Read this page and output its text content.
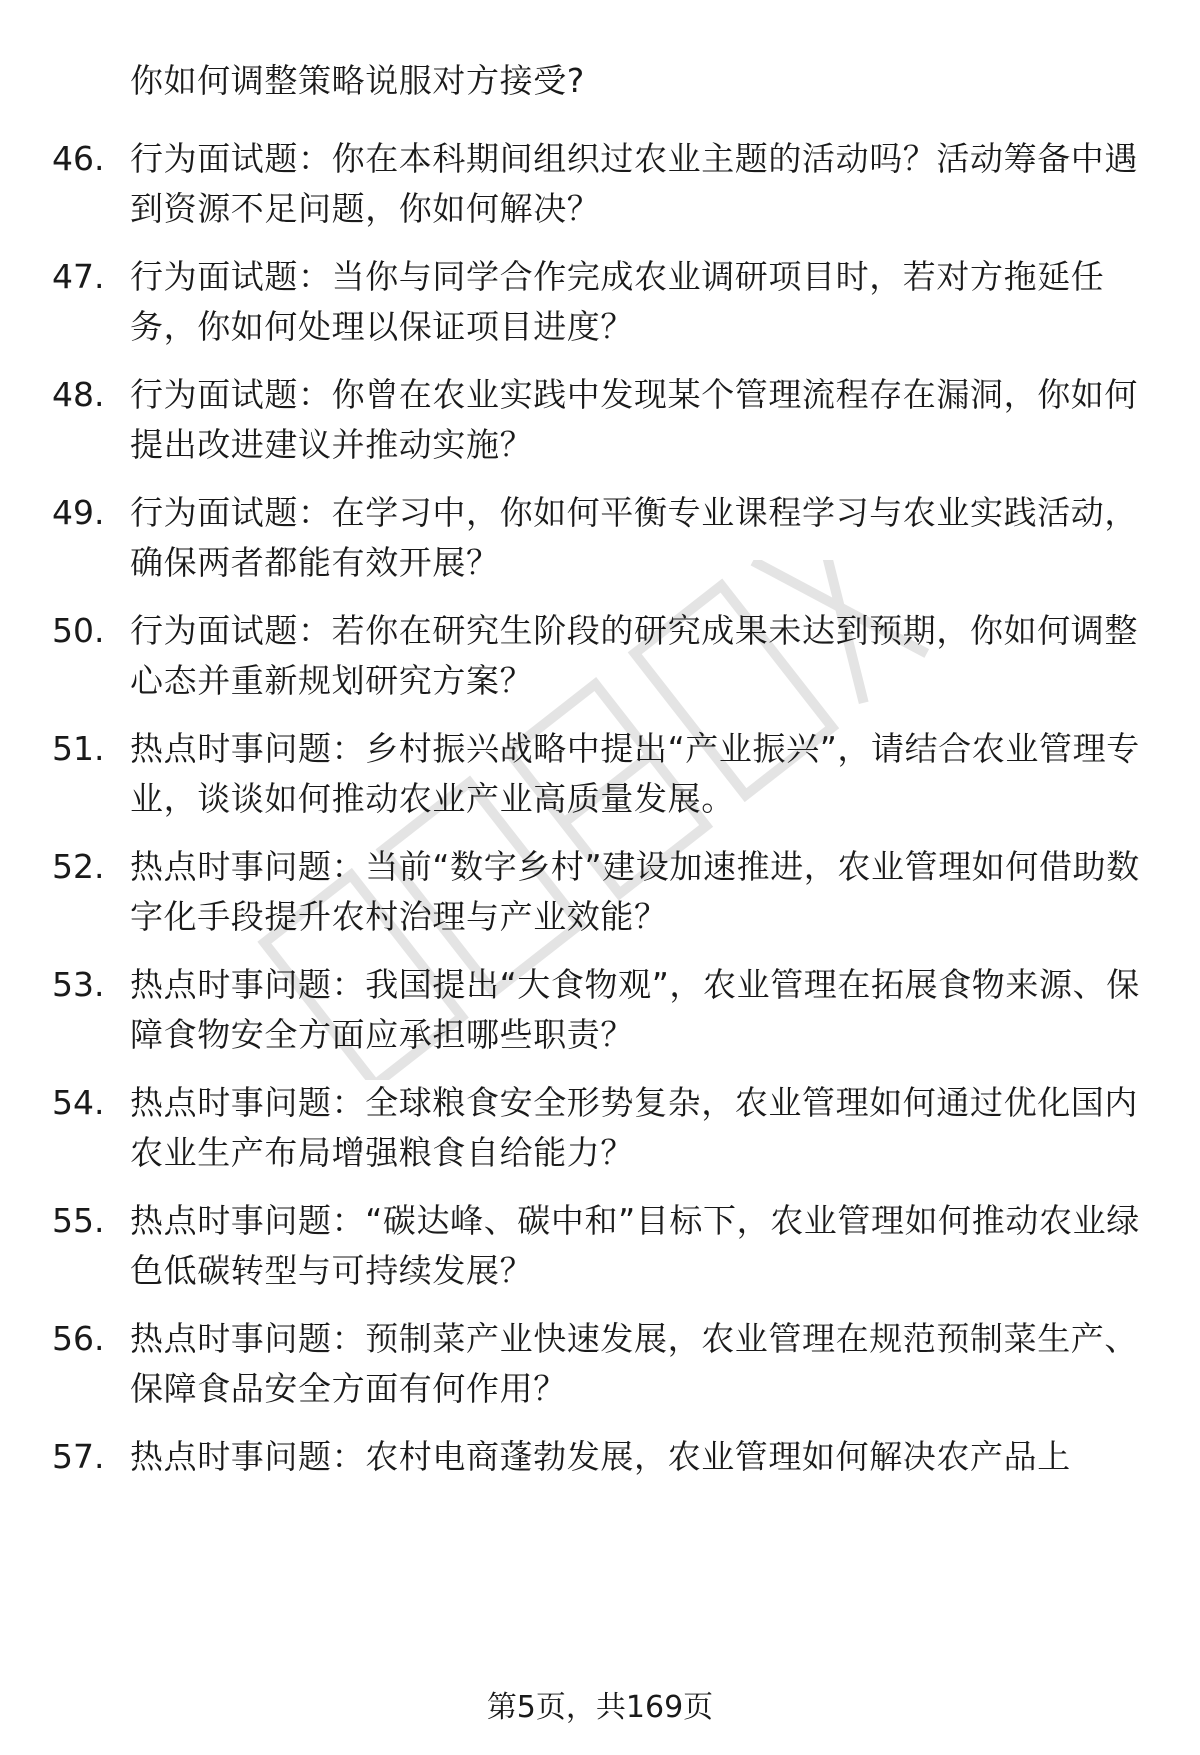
你如何调整策略说服对方接受?
46. 行为面试题：你在本科期间组织过农业主题的活动吗？活动筹备中遇到资源不足问题，你如何解决？
47. 行为面试题：当你与同学合作完成农业调研项目时，若对方拖延任务，你如何处理以保证项目进度？
48. 行为面试题：你曾在农业实践中发现某个管理流程存在漏洞，你如何提出改进建议并推动实施？
49. 行为面试题：在学习中，你如何平衡专业课程学习与农业实践活动，确保两者都能有效开展？
50. 行为面试题：若你在研究生阶段的研究成果未达到预期，你如何调整心态并重新规划研究方案？
51. 热点时事问题：乡村振兴战略中提出“产业振兴”，请结合农业管理专业，谈谈如何推动农业产业高质量发展。
52. 热点时事问题：当前“数字乡村”建设加速推进，农业管理如何借助数字化手段提升农村治理与产业效能？
53. 热点时事问题：我国提出“大食物观”，农业管理在拓展食物来源、保障食物安全方面应承担哪些职责？
54. 热点时事问题：全球粮食安全形势复杂，农业管理如何通过优化国内农业生产布局增强粮食自给能力？
55. 热点时事问题：“碳达峰、碳中和”目标下，农业管理如何推动农业绿色低碳转型与可持续发展？
56. 热点时事问题：预制菜产业快速发展，农业管理在规范预制菜生产、保障食品安全方面有何作用？
57. 热点时事问题：农村电商蓬勃发展，农业管理如何解决农产品上
第5页，共169页
